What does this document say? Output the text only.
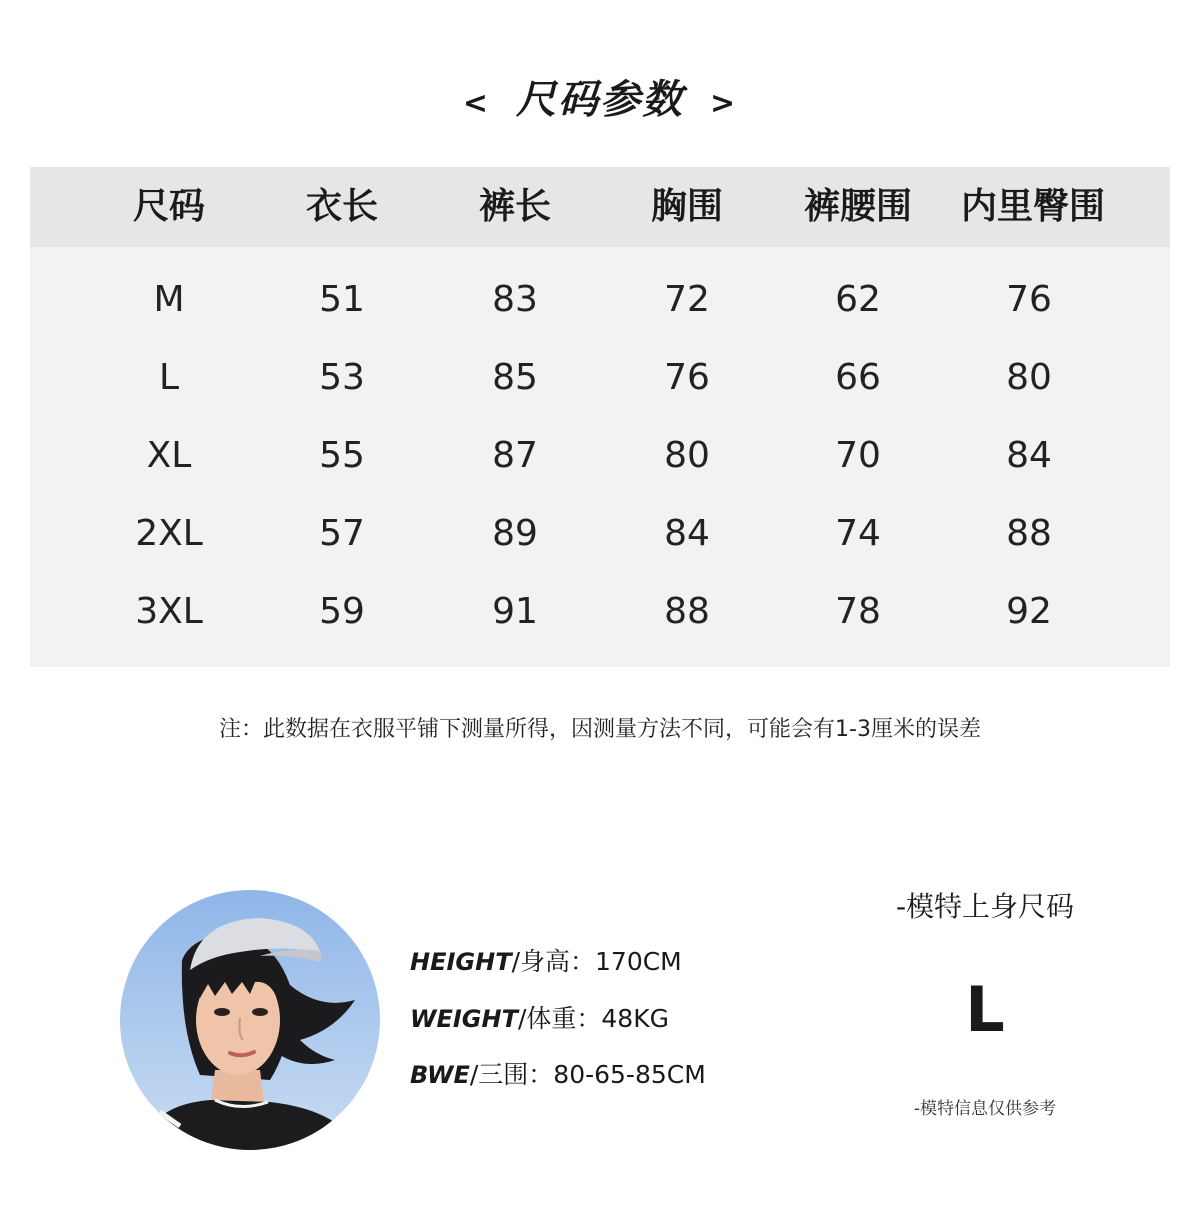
< 尺码参数 >
尺码	衣长	裤长	胸围	裤腰围	内里臀围
M	51	83	72	62	76
L	53	85	76	66	80
XL	55	87	80	70	84
2XL	57	89	84	74	88
3XL	59	91	88	78	92
注：此数据在衣服平铺下测量所得，因测量方法不同，可能会有1-3厘米的误差
HEIGHT/身高：170CM
WEIGHT/体重：48KG
BWE/三围：80-65-85CM
-模特上身尺码
L
-模特信息仅供参考
